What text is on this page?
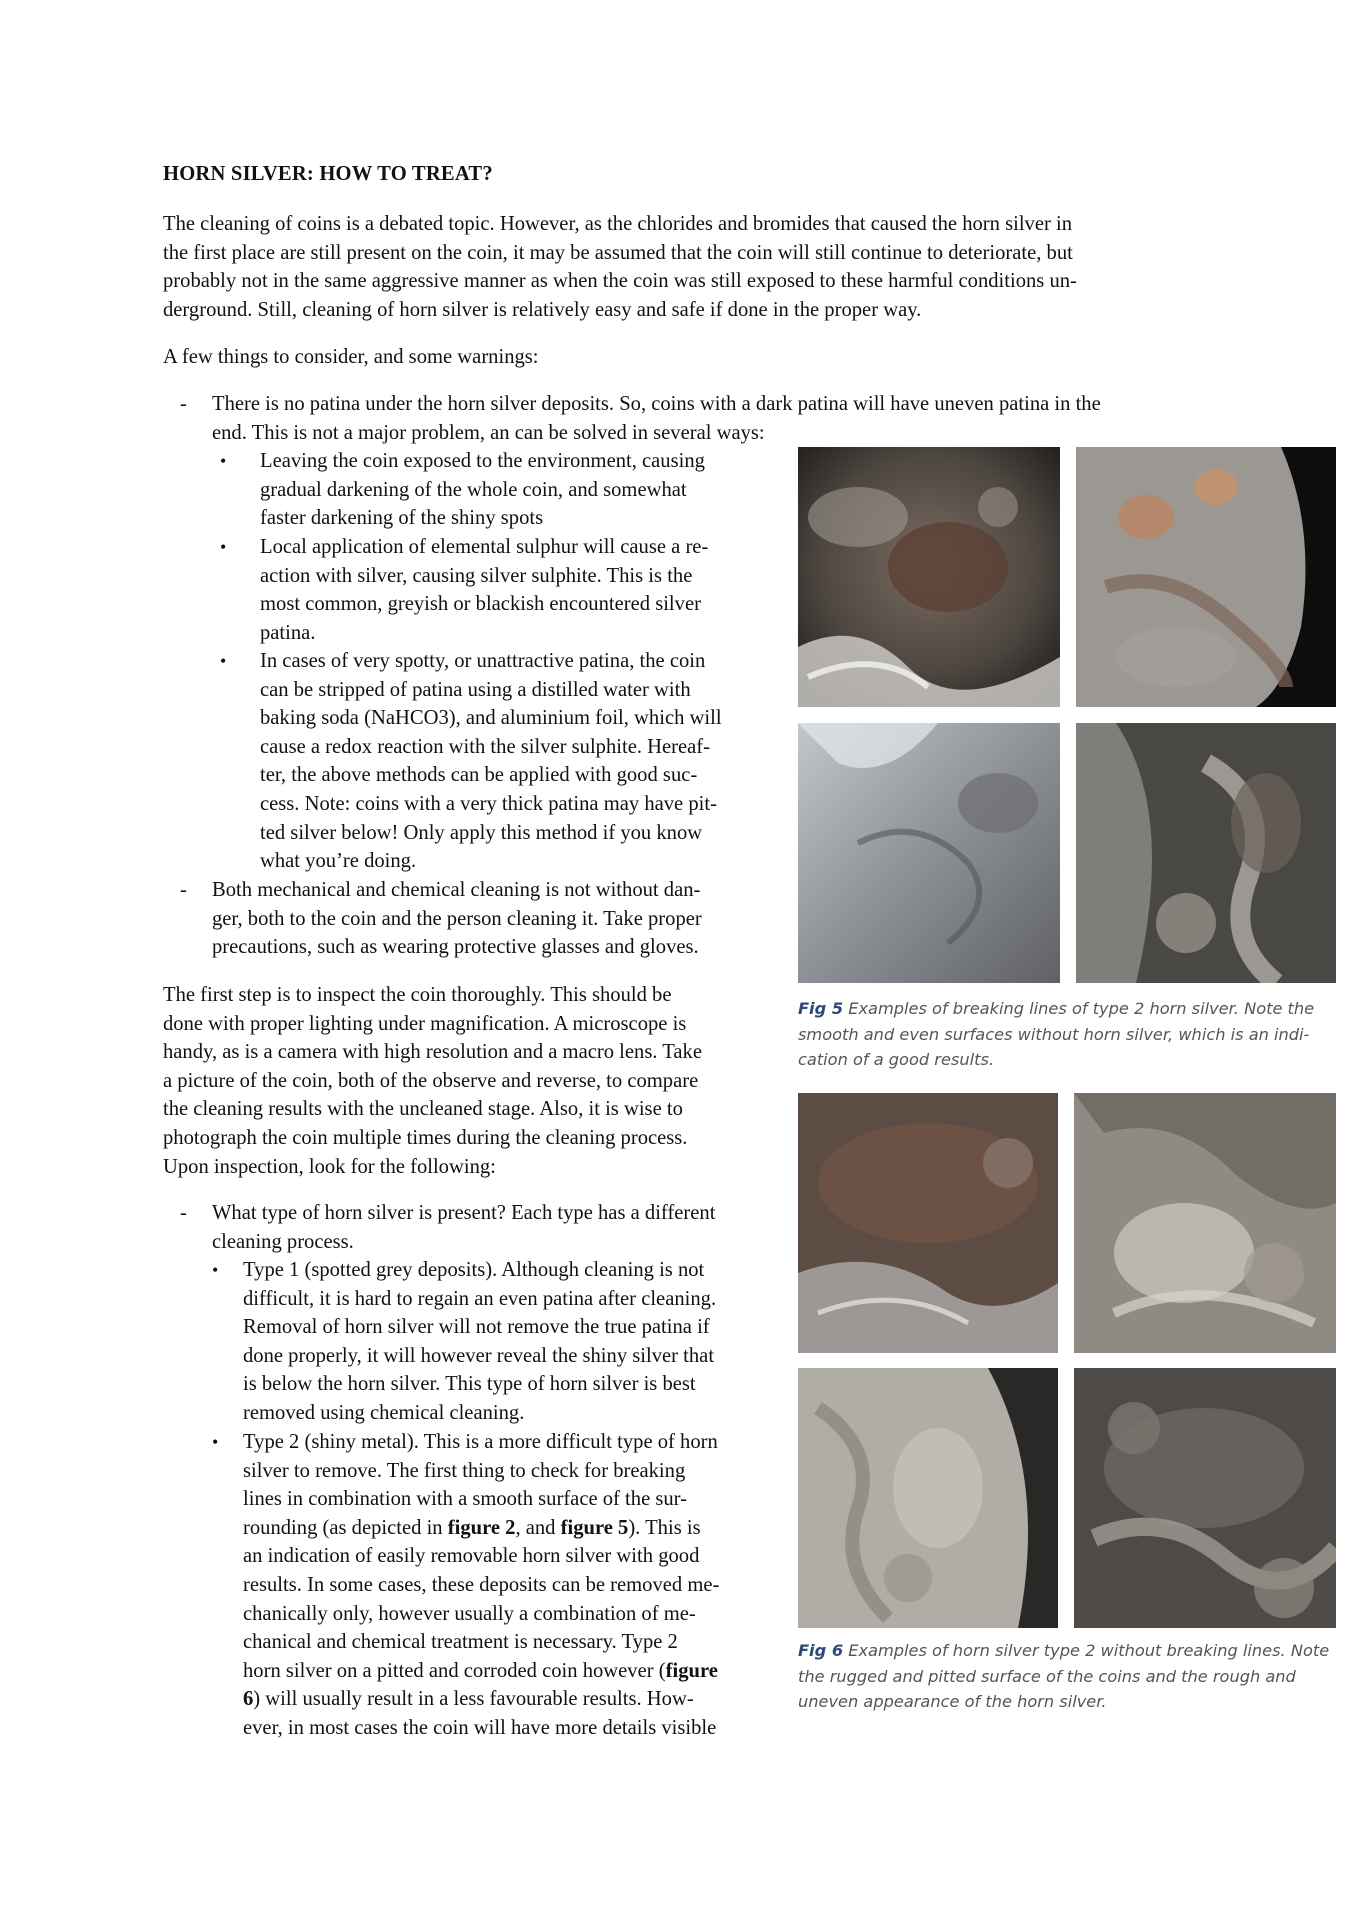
HORN SILVER: HOW TO TREAT?
The cleaning of coins is a debated topic. However, as the chlorides and bromides that caused the horn silver in
the first place are still present on the coin, it may be assumed that the coin will still continue to deteriorate, but
probably not in the same aggressive manner as when the coin was still exposed to these harmful conditions un-
derground. Still, cleaning of horn silver is relatively easy and safe if done in the proper way.
A few things to consider, and some warnings:
- There is no patina under the horn silver deposits. So, coins with a dark patina will have uneven patina in the
end. This is not a major problem, an can be solved in several ways:
• Leaving the coin exposed to the environment, causing
gradual darkening of the whole coin, and somewhat
faster darkening of the shiny spots
• Local application of elemental sulphur will cause a re-
action with silver, causing silver sulphite. This is the
most common, greyish or blackish encountered silver
patina.
• In cases of very spotty, or unattractive patina, the coin
can be stripped of patina using a distilled water with
baking soda (NaHCO3), and aluminium foil, which will
cause a redox reaction with the silver sulphite. Hereaf-
ter, the above methods can be applied with good suc-
cess. Note: coins with a very thick patina may have pit-
ted silver below! Only apply this method if you know
what you’re doing.
- Both mechanical and chemical cleaning is not without dan-
ger, both to the coin and the person cleaning it. Take proper
precautions, such as wearing protective glasses and gloves.
The first step is to inspect the coin thoroughly. This should be
done with proper lighting under magnification. A microscope is
handy, as is a camera with high resolution and a macro lens. Take
a picture of the coin, both of the observe and reverse, to compare
the cleaning results with the uncleaned stage. Also, it is wise to
photograph the coin multiple times during the cleaning process.
Upon inspection, look for the following:
- What type of horn silver is present? Each type has a different
cleaning process.
• Type 1 (spotted grey deposits). Although cleaning is not
difficult, it is hard to regain an even patina after cleaning.
Removal of horn silver will not remove the true patina if
done properly, it will however reveal the shiny silver that
is below the horn silver. This type of horn silver is best
removed using chemical cleaning.
• Type 2 (shiny metal). This is a more difficult type of horn
silver to remove. The first thing to check for breaking
lines in combination with a smooth surface of the sur-
rounding (as depicted in figure 2, and figure 5). This is
an indication of easily removable horn silver with good
results. In some cases, these deposits can be removed me-
chanically only, however usually a combination of me-
chanical and chemical treatment is necessary. Type 2
horn silver on a pitted and corroded coin however (figure
6) will usually result in a less favourable results. How-
ever, in most cases the coin will have more details visible
Fig 5 Examples of breaking lines of type 2 horn silver. Note the
smooth and even surfaces without horn silver, which is an indi-
cation of a good results.
Fig 6 Examples of horn silver type 2 without breaking lines. Note
the rugged and pitted surface of the coins and the rough and
uneven appearance of the horn silver.
